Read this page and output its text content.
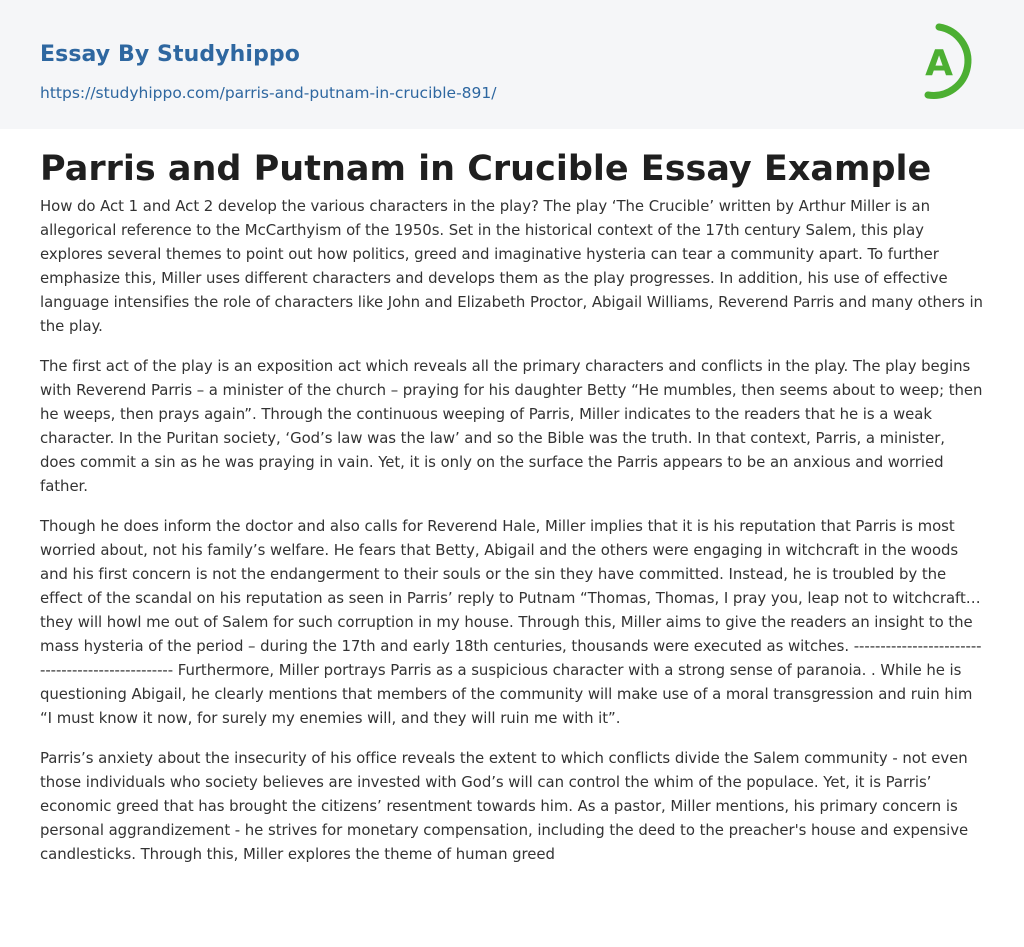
Essay By Studyhippo
https://studyhippo.com/parris-and-putnam-in-crucible-891/
A
Parris and Putnam in Crucible Essay Example

How do Act 1 and Act 2 develop the various characters in the play? The play ‘The Crucible’ written by Arthur Miller is an allegorical reference to the McCarthyism of the 1950s. Set in the historical context of the 17th century Salem, this play explores several themes to point out how politics, greed and imaginative hysteria can tear a community apart. To further emphasize this, Miller uses different characters and develops them as the play progresses. In addition, his use of effective language intensifies the role of characters like John and Elizabeth Proctor, Abigail Williams, Reverend Parris and many others in the play.

The first act of the play is an exposition act which reveals all the primary characters and conflicts in the play. The play begins with Reverend Parris – a minister of the church – praying for his daughter Betty “He mumbles, then seems about to weep; then he weeps, then prays again”. Through the continuous weeping of Parris, Miller indicates to the readers that he is a weak character. In the Puritan society, ‘God’s law was the law’ and so the Bible was the truth. In that context, Parris, a minister, does commit a sin as he was praying in vain. Yet, it is only on the surface the Parris appears to be an anxious and worried father.

Though he does inform the doctor and also calls for Reverend Hale, Miller implies that it is his reputation that Parris is most worried about, not his family’s welfare. He fears that Betty, Abigail and the others were engaging in witchcraft in the woods and his first concern is not the endangerment to their souls or the sin they have committed. Instead, he is troubled by the effect of the scandal on his reputation as seen in Parris’ reply to Putnam “Thomas, Thomas, I pray you, leap not to witchcraft…they will howl me out of Salem for such corruption in my house. Through this, Miller aims to give the readers an insight to the mass hysteria of the period – during the 17th and early 18th centuries, thousands were executed as witches. ------------------------------------------------- Furthermore, Miller portrays Parris as a suspicious character with a strong sense of paranoia. . While he is questioning Abigail, he clearly mentions that members of the community will make use of a moral transgression and ruin him “I must know it now, for surely my enemies will, and they will ruin me with it”.

Parris’s anxiety about the insecurity of his office reveals the extent to which conflicts divide the Salem community - not even those individuals who society believes are invested with God’s will can control the whim of the populace. Yet, it is Parris’ economic greed that has brought the citizens’ resentment towards him. As a pastor, Miller mentions, his primary concern is personal aggrandizement - he strives for monetary compensation, including the deed to the preacher's house and expensive candlesticks. Through this, Miller explores the theme of human greed
